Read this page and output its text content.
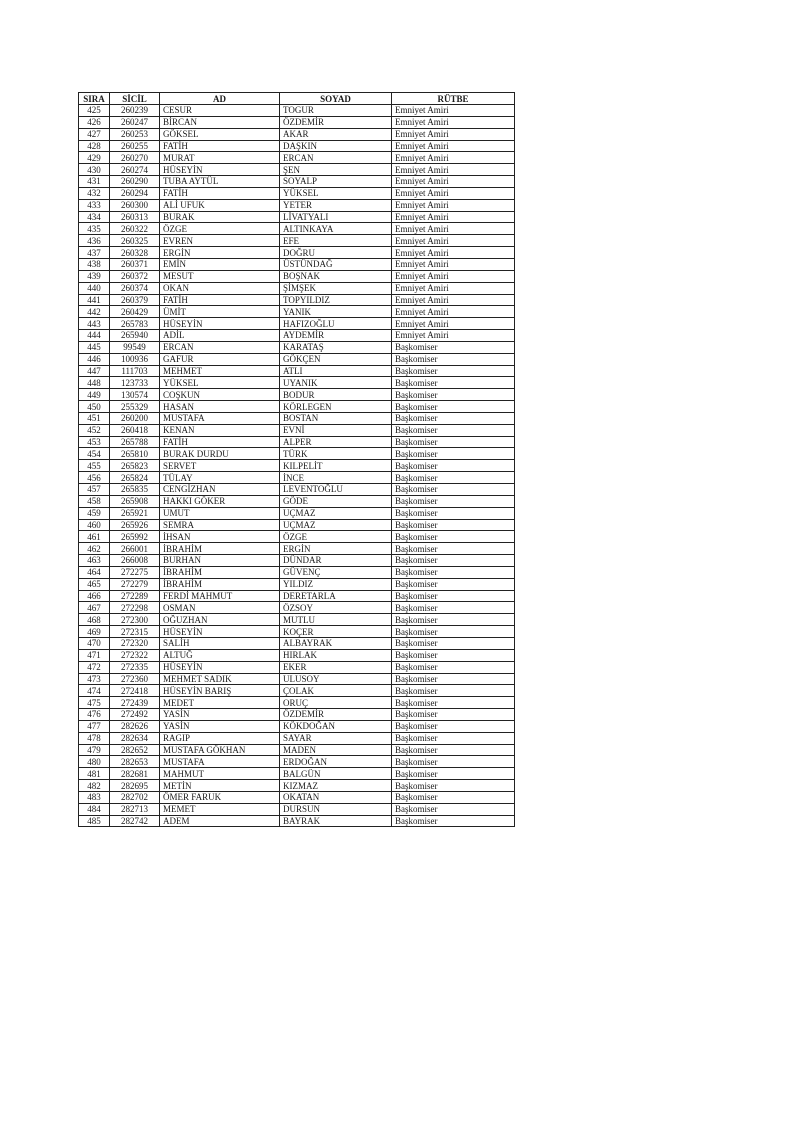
SIRA	SİCİL	AD	SOYAD	RÜTBE
425	260239	CESUR	TOGUR	Emniyet Amiri
426	260247	BİRCAN	ÖZDEMİR	Emniyet Amiri
427	260253	GÖKSEL	AKAR	Emniyet Amiri
428	260255	FATİH	DAŞKIN	Emniyet Amiri
429	260270	MURAT	ERCAN	Emniyet Amiri
430	260274	HÜSEYİN	ŞEN	Emniyet Amiri
431	260290	TUBA AYTÜL	SOYALP	Emniyet Amiri
432	260294	FATİH	YÜKSEL	Emniyet Amiri
433	260300	ALİ UFUK	YETER	Emniyet Amiri
434	260313	BURAK	LİVATYALI	Emniyet Amiri
435	260322	ÖZGE	ALTINKAYA	Emniyet Amiri
436	260325	EVREN	EFE	Emniyet Amiri
437	260328	ERGİN	DOĞRU	Emniyet Amiri
438	260371	EMİN	ÜSTÜNDAĞ	Emniyet Amiri
439	260372	MESUT	BOŞNAK	Emniyet Amiri
440	260374	OKAN	ŞİMŞEK	Emniyet Amiri
441	260379	FATİH	TOPYILDIZ	Emniyet Amiri
442	260429	ÜMİT	YANIK	Emniyet Amiri
443	265783	HÜSEYİN	HAFIZOĞLU	Emniyet Amiri
444	265940	ADİL	AYDEMİR	Emniyet Amiri
445	99549	ERCAN	KARATAŞ	Başkomiser
446	100936	GAFUR	GÖKÇEN	Başkomiser
447	111703	MEHMET	ATLI	Başkomiser
448	123733	YÜKSEL	UYANIK	Başkomiser
449	130574	COŞKUN	BODUR	Başkomiser
450	255329	HASAN	KÖRLEGEN	Başkomiser
451	260200	MUSTAFA	BOSTAN	Başkomiser
452	260418	KENAN	EVNİ	Başkomiser
453	265788	FATİH	ALPER	Başkomiser
454	265810	BURAK DURDU	TÜRK	Başkomiser
455	265823	SERVET	KILPELİT	Başkomiser
456	265824	TÜLAY	İNCE	Başkomiser
457	265835	CENGİZHAN	LEVENTOĞLU	Başkomiser
458	265908	HAKKI GÖKER	GÖDE	Başkomiser
459	265921	UMUT	UÇMAZ	Başkomiser
460	265926	SEMRA	UÇMAZ	Başkomiser
461	265992	İHSAN	ÖZGE	Başkomiser
462	266001	İBRAHİM	ERGİN	Başkomiser
463	266008	BURHAN	DÜNDAR	Başkomiser
464	272275	İBRAHİM	GÜVENÇ	Başkomiser
465	272279	İBRAHİM	YILDIZ	Başkomiser
466	272289	FERDİ MAHMUT	DERETARLA	Başkomiser
467	272298	OSMAN	ÖZSOY	Başkomiser
468	272300	OĞUZHAN	MUTLU	Başkomiser
469	272315	HÜSEYİN	KOÇER	Başkomiser
470	272320	SALİH	ALBAYRAK	Başkomiser
471	272322	ALTUĞ	HIRLAK	Başkomiser
472	272335	HÜSEYİN	EKER	Başkomiser
473	272360	MEHMET SADIK	ULUSOY	Başkomiser
474	272418	HÜSEYİN BARIŞ	ÇOLAK	Başkomiser
475	272439	MEDET	ORUÇ	Başkomiser
476	272492	YASİN	ÖZDEMİR	Başkomiser
477	282626	YASİN	KÖKDOĞAN	Başkomiser
478	282634	RAGIP	SAYAR	Başkomiser
479	282652	MUSTAFA GÖKHAN	MADEN	Başkomiser
480	282653	MUSTAFA	ERDOĞAN	Başkomiser
481	282681	MAHMUT	BALGÜN	Başkomiser
482	282695	METİN	KIZMAZ	Başkomiser
483	282702	ÖMER FARUK	OKATAN	Başkomiser
484	282713	MEMET	DURSUN	Başkomiser
485	282742	ADEM	BAYRAK	Başkomiser
